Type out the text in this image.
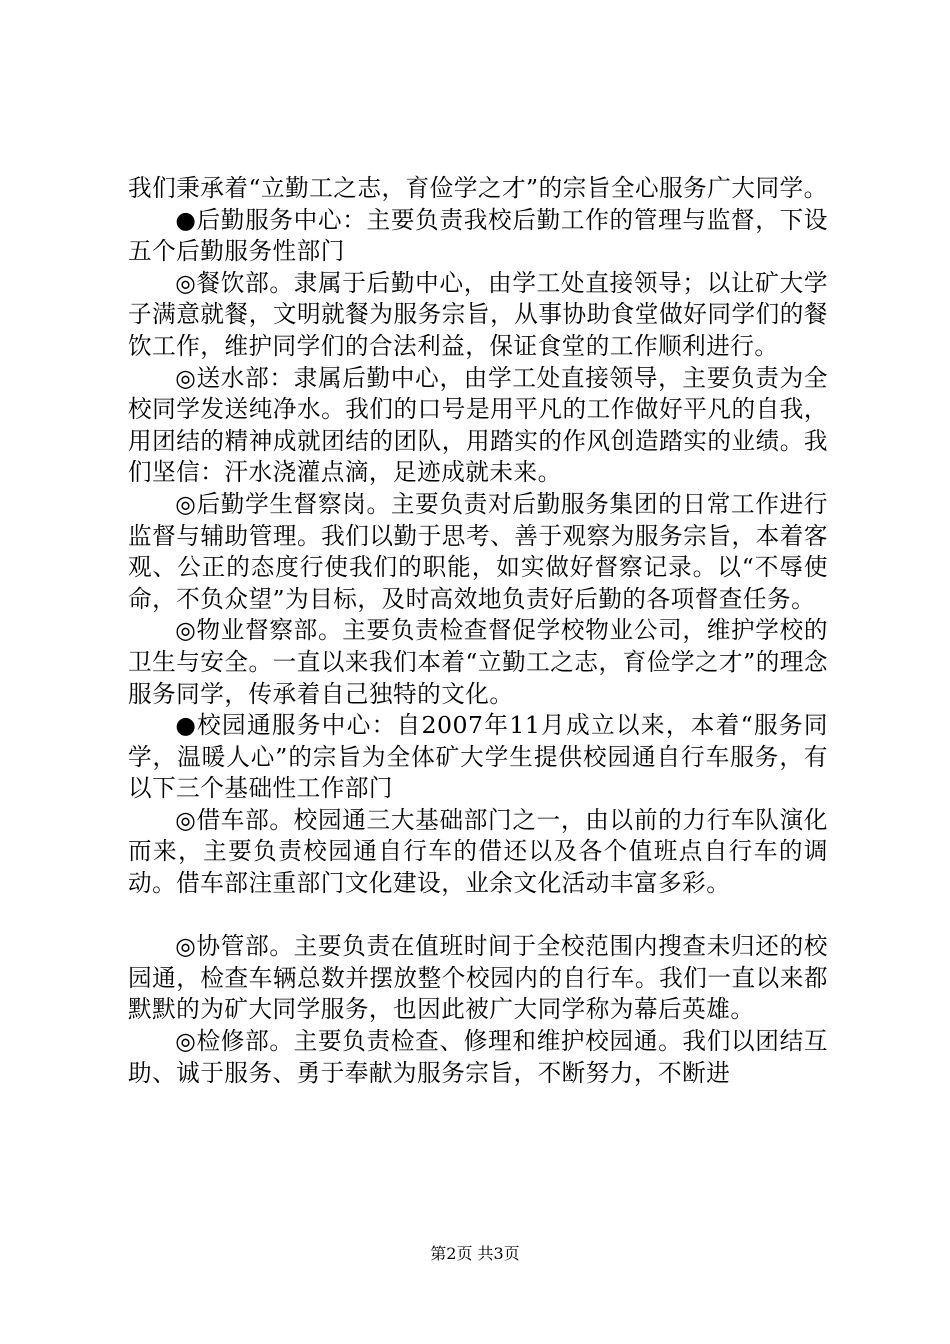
我们秉承着“立勤工之志，育俭学之才”的宗旨全心服务广大同学。

●后勤服务中心：主要负责我校后勤工作的管理与监督，下设五个后勤服务性部门

◎餐饮部。隶属于后勤中心，由学工处直接领导；以让矿大学子满意就餐，文明就餐为服务宗旨，从事协助食堂做好同学们的餐饮工作，维护同学们的合法利益，保证食堂的工作顺利进行。

◎送水部：隶属后勤中心，由学工处直接领导，主要负责为全校同学发送纯净水。我们的口号是用平凡的工作做好平凡的自我，用团结的精神成就团结的团队，用踏实的作风创造踏实的业绩。我们坚信：汗水浇灌点滴，足迹成就未来。

◎后勤学生督察岗。主要负责对后勤服务集团的日常工作进行监督与辅助管理。我们以勤于思考、善于观察为服务宗旨，本着客观、公正的态度行使我们的职能，如实做好督察记录。以“不辱使命，不负众望”为目标，及时高效地负责好后勤的各项督查任务。

◎物业督察部。主要负责检查督促学校物业公司，维护学校的卫生与安全。一直以来我们本着“立勤工之志，育俭学之才”的理念服务同学，传承着自己独特的文化。

●校园通服务中心：自2007年11月成立以来，本着“服务同学，温暖人心”的宗旨为全体矿大学生提供校园通自行车服务，有以下三个基础性工作部门

◎借车部。校园通三大基础部门之一，由以前的力行车队演化而来，主要负责校园通自行车的借还以及各个值班点自行车的调动。借车部注重部门文化建设，业余文化活动丰富多彩。

◎协管部。主要负责在值班时间于全校范围内搜查未归还的校园通，检查车辆总数并摆放整个校园内的自行车。我们一直以来都默默的为矿大同学服务，也因此被广大同学称为幕后英雄。

◎检修部。主要负责检查、修理和维护校园通。我们以团结互助、诚于服务、勇于奉献为服务宗旨，不断努力，不断进

第2页 共3页
